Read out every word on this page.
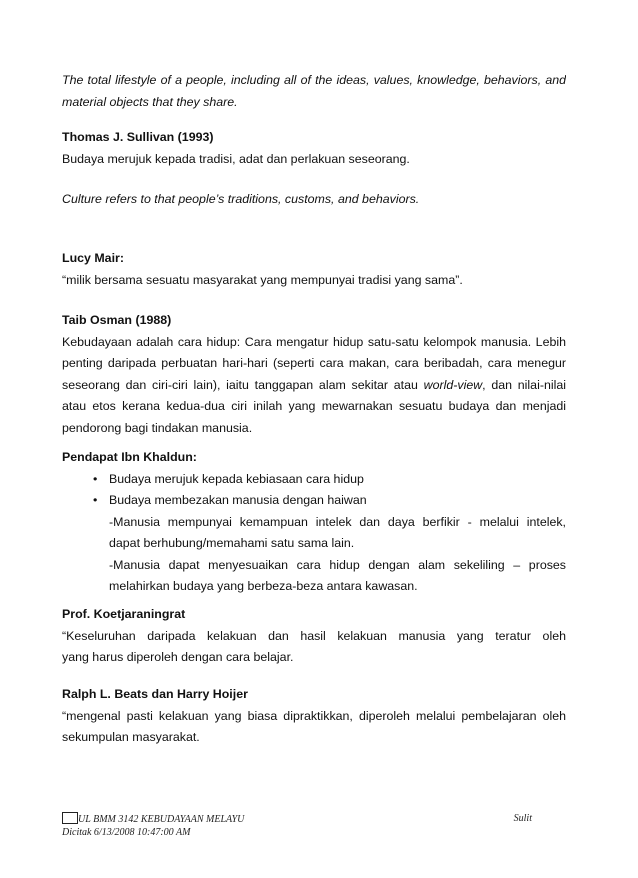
The total lifestyle of a people, including all of the ideas, values, knowledge, behaviors, and

material objects that they share.

Thomas J. Sullivan (1993)

Budaya merujuk kepada tradisi, adat dan perlakuan seseorang.

Culture refers to that people’s traditions, customs, and behaviors.

Lucy Mair:

“milik bersama sesuatu masyarakat yang mempunyai tradisi yang sama”.

Taib Osman (1988)

Kebudayaan adalah cara hidup: Cara mengatur hidup satu-satu kelompok manusia. Lebih

penting daripada perbuatan hari-hari (seperti cara makan, cara beribadah, cara menegur

seseorang dan ciri-ciri lain), iaitu tanggapan alam sekitar atau world-view, dan nilai-nilai

atau etos kerana kedua-dua ciri inilah yang mewarnakan sesuatu budaya dan menjadi

pendorong bagi tindakan manusia.

Pendapat Ibn Khaldun:

• Budaya merujuk kepada kebiasaan cara hidup
• Budaya membezakan manusia dengan haiwan

-Manusia mempunyai kemampuan intelek dan daya berfikir - melalui intelek,

dapat berhubung/memahami satu sama lain.

-Manusia dapat menyesuaikan cara hidup dengan alam sekeliling – proses

melahirkan budaya yang berbeza-beza antara kawasan.

Prof. Koetjaraningrat

“Keseluruhan daripada kelakuan dan hasil kelakuan manusia yang teratur oleh

yang harus diperoleh dengan cara belajar.

Ralph L. Beats dan Harry Hoijer

“mengenal pasti kelakuan yang biasa dipraktikkan, diperoleh melalui pembelajaran oleh

sekumpulan masyarakat.

UL BMM 3142 KEBUDAYAAN MELAYU	Sulit
Dicitak 6/13/2008 10:47:00 AM
